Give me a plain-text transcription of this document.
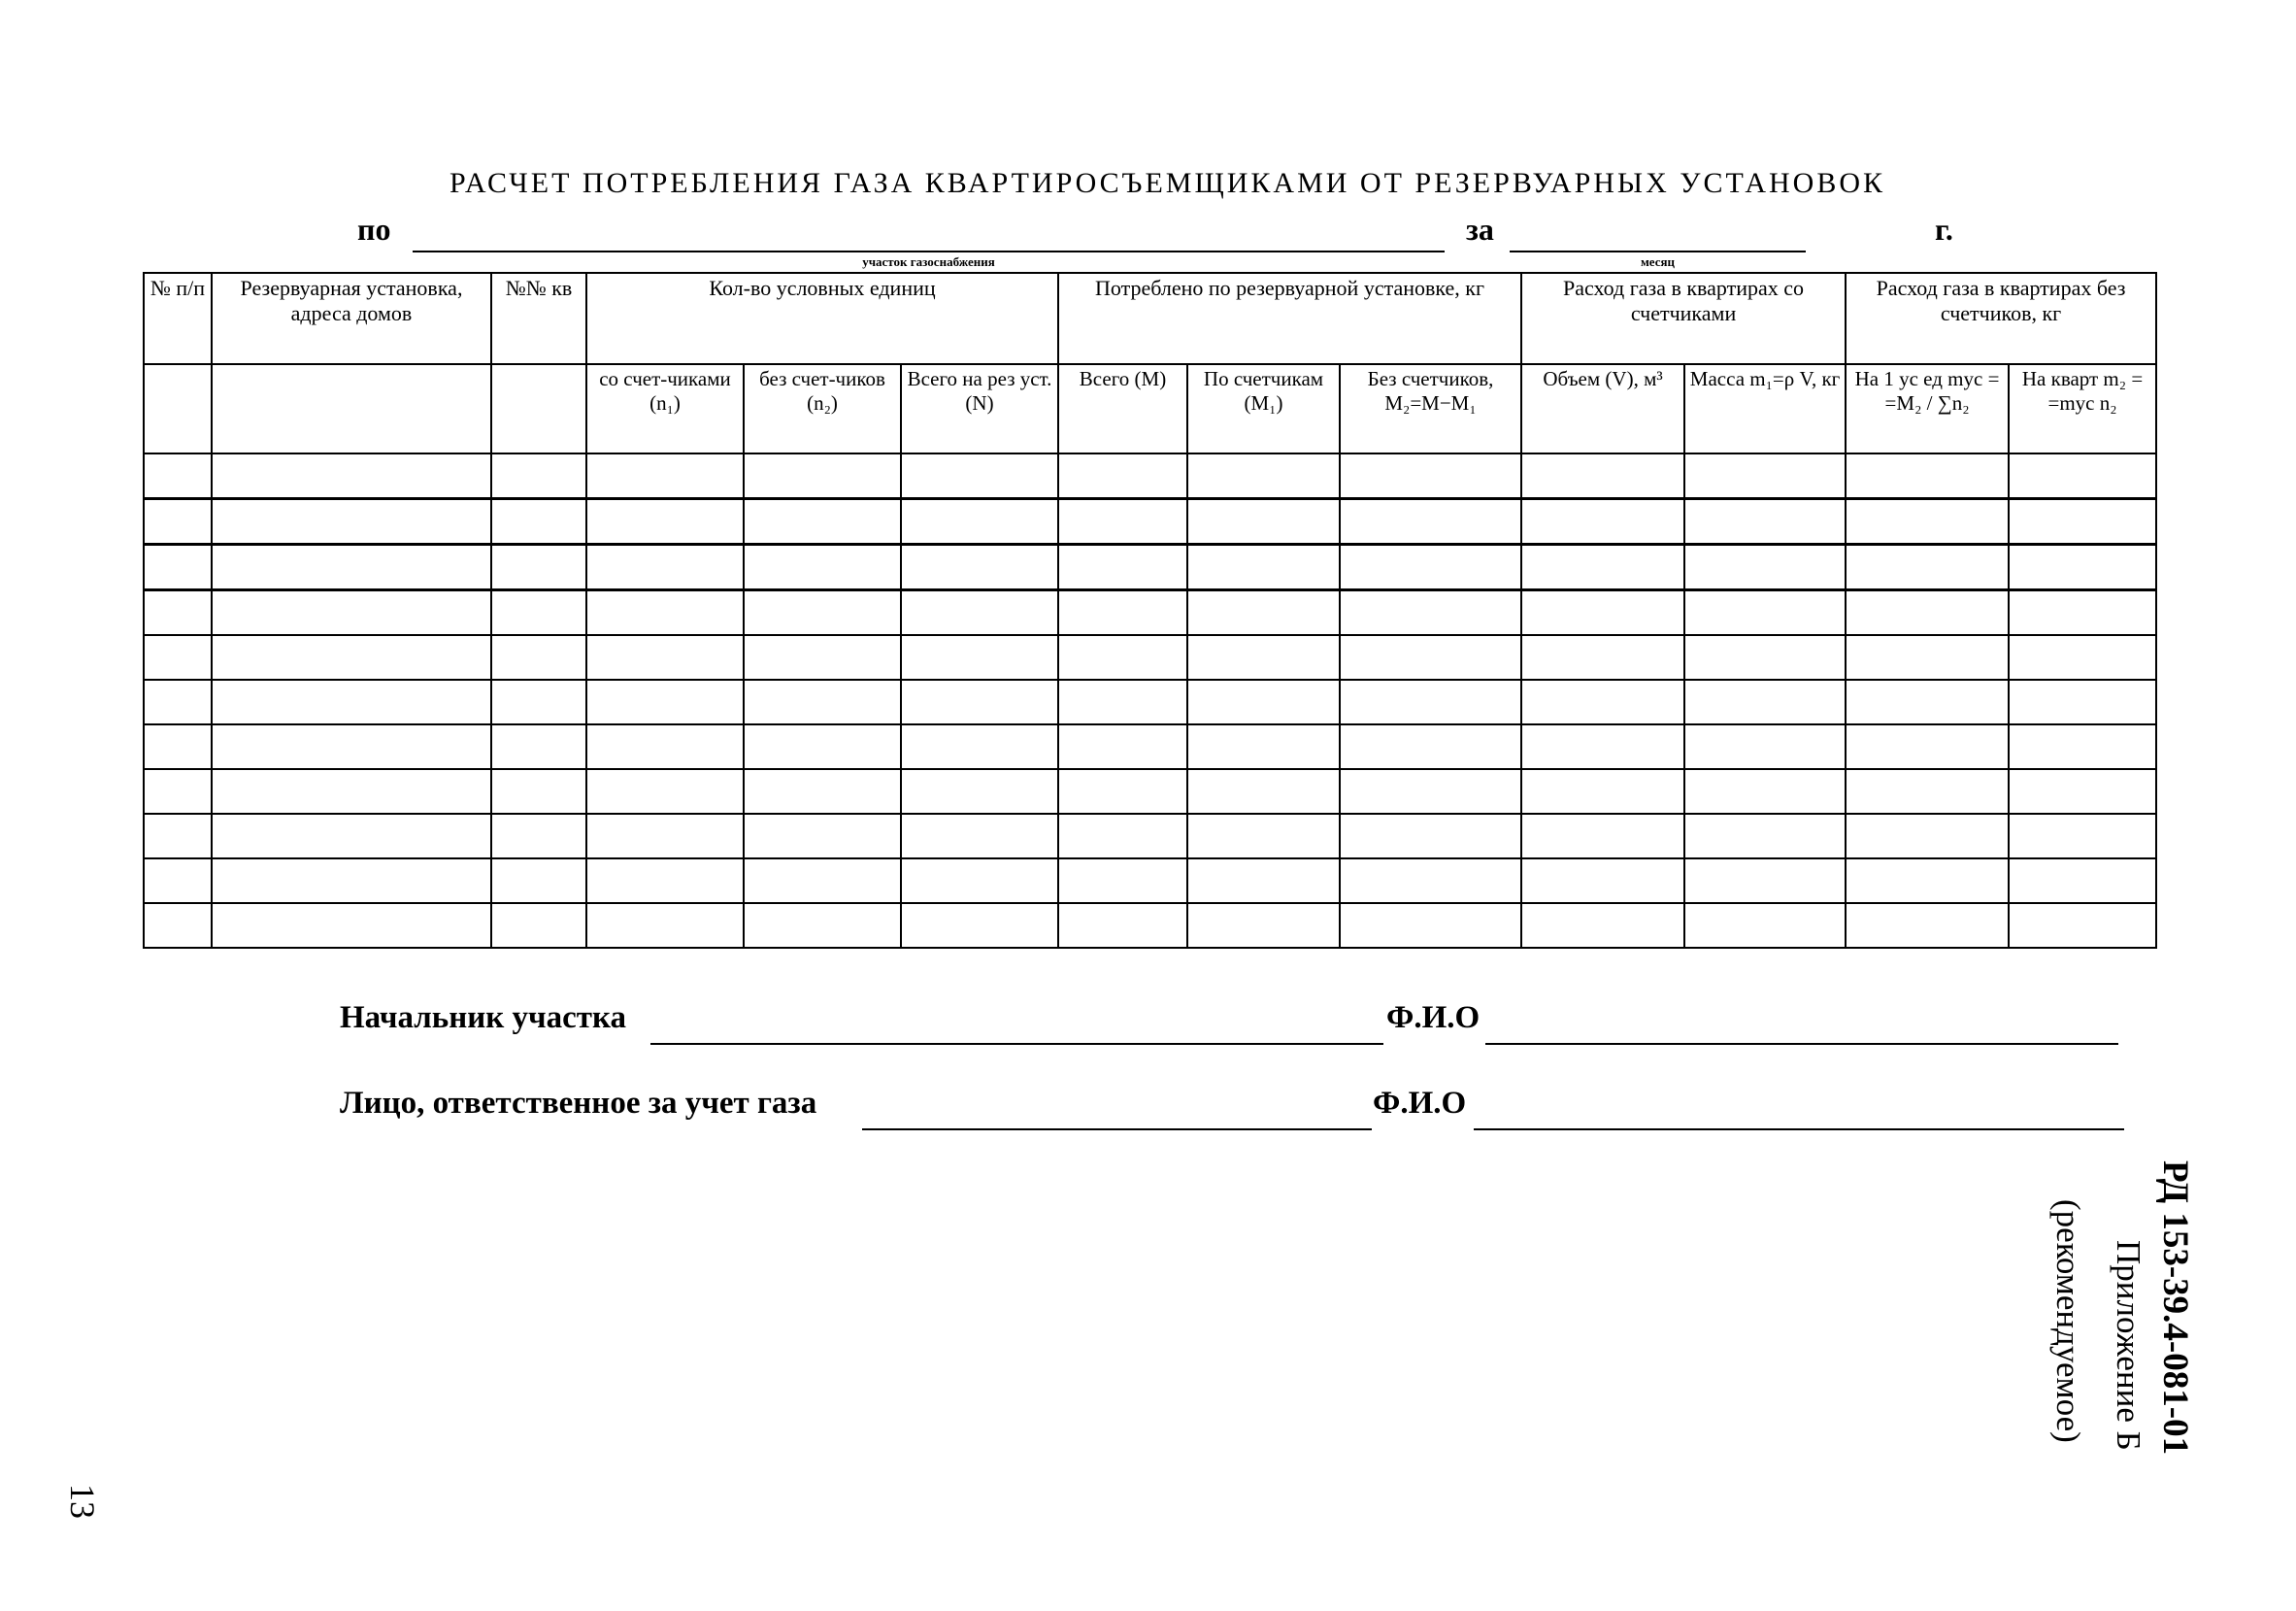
РАСЧЕТ ПОТРЕБЛЕНИЯ ГАЗА КВАРТИРОСЪЕМЩИКАМИ ОТ РЕЗЕРВУАРНЫХ УСТАНОВОК
по
участок газоснабжения
за
месяц
г.
№ п/п	Резервуарная установка, адреса домов	№№ кв	Кол-во условных единиц			Потреблено по резервуарной установке, кг			Расход газа в квартирах со счетчиками		Расход газа в квартирах без счетчиков, кг	
			со счет-чиками (n₁)	без счет-чиков (n₂)	Всего на рез уст. (N)	Всего (M)	По счетчикам (M₁)	Без счетчиков, M₂=M−M₁	Объем (V), м³	Масса m₁=ρ V, кг	На 1 ус ед mус = =M₂ / ∑n₂	На кварт m₂ = =mус n₂

Начальник участка	Ф.И.О
Лицо, ответственное за учет газа	Ф.И.О
РД 153-39.4-081-01
Приложение Б
(рекомендуемое)
13
